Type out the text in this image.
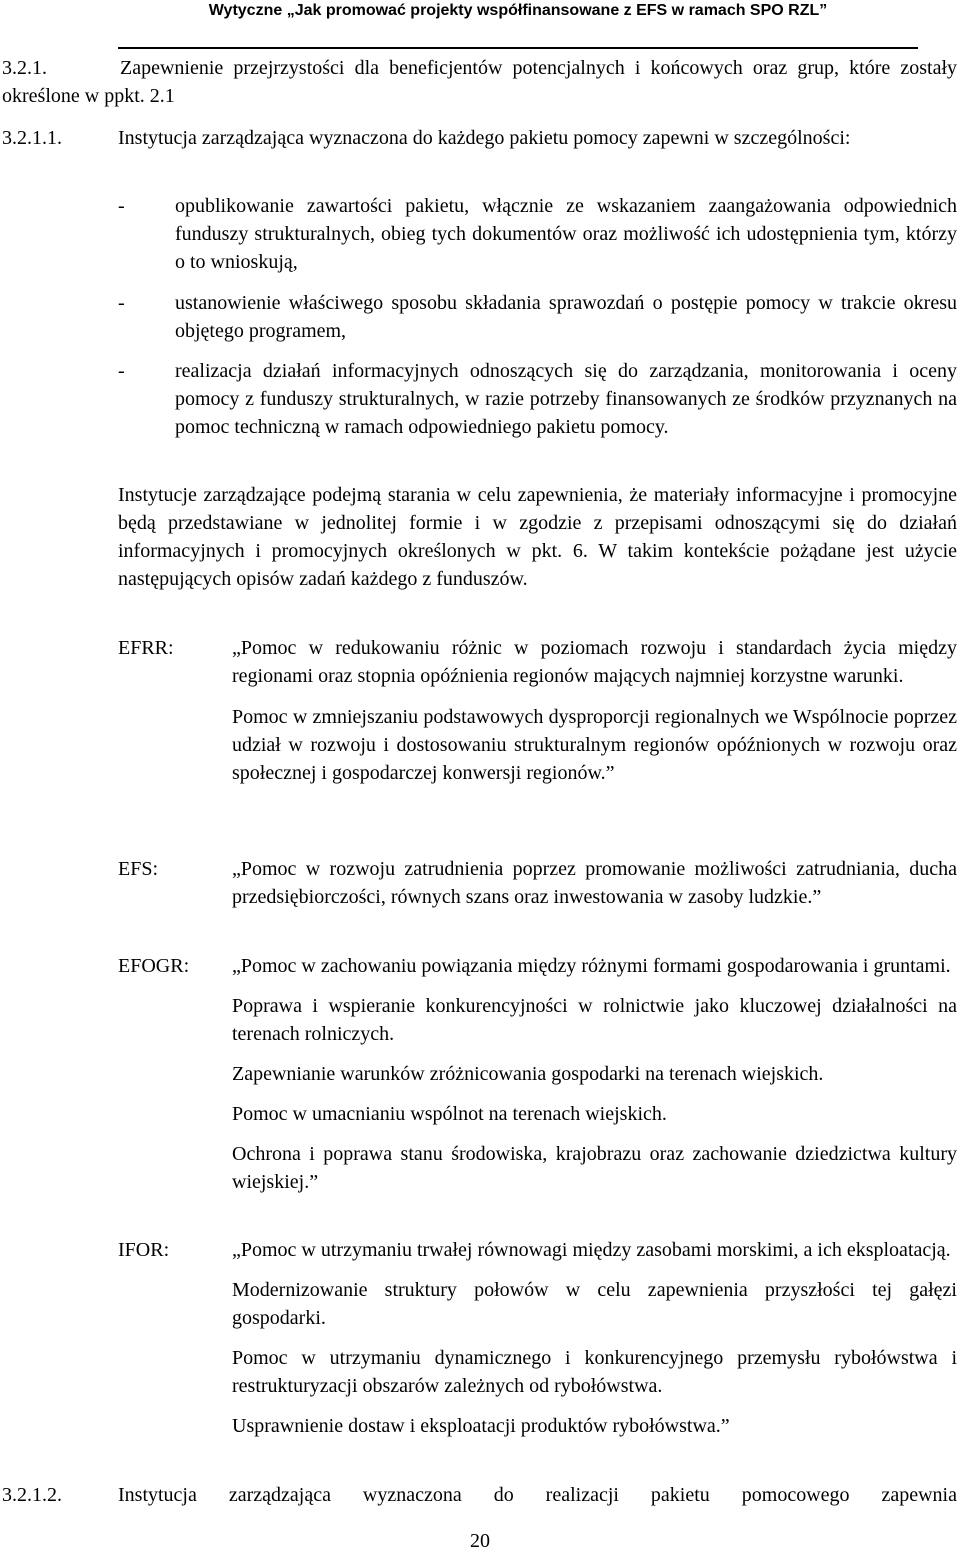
Wytyczne „Jak promować projekty współfinansowane z EFS w ramach SPO RZL”
3.2.1.	Zapewnienie przejrzystości dla beneficjentów potencjalnych i końcowych oraz grup, które zostały określone w ppkt. 2.1
3.2.1.1.	Instytucja zarządzająca wyznaczona do każdego pakietu pomocy zapewni w szczególności:
-	opublikowanie zawartości pakietu, włącznie ze wskazaniem zaangażowania odpowiednich funduszy strukturalnych, obieg tych dokumentów oraz możliwość ich udostępnienia tym, którzy o to wnioskują,
-	ustanowienie właściwego sposobu składania sprawozdań o postępie pomocy w trakcie okresu objętego programem,
-	realizacja działań informacyjnych odnoszących się do zarządzania, monitorowania i oceny pomocy z funduszy strukturalnych, w razie potrzeby finansowanych ze środków przyznanych na pomoc techniczną w ramach odpowiedniego pakietu pomocy.
Instytucje zarządzające podejmą starania w celu zapewnienia, że materiały informacyjne i promocyjne będą przedstawiane w jednolitej formie i w zgodzie z przepisami odnoszącymi się do działań informacyjnych i promocyjnych określonych w pkt. 6. W takim kontekście pożądane jest użycie następujących opisów zadań każdego z funduszów.
EFRR:	„Pomoc w redukowaniu różnic w poziomach rozwoju i standardach życia między regionami oraz stopnia opóźnienia regionów mających najmniej korzystne warunki.

Pomoc w zmniejszaniu podstawowych dysproporcji regionalnych we Wspólnocie poprzez udział w rozwoju i dostosowaniu strukturalnym regionów opóźnionych w rozwoju oraz społecznej i gospodarczej konwersji regionów.”

EFS:	„Pomoc w rozwoju zatrudnienia poprzez promowanie możliwości zatrudniania, ducha przedsiębiorczości, równych szans oraz inwestowania w zasoby ludzkie.”

EFOGR: „Pomoc w zachowaniu powiązania między różnymi formami gospodarowania i gruntami.

Poprawa i wspieranie konkurencyjności w rolnictwie jako kluczowej działalności na terenach rolniczych.

Zapewnianie warunków zróżnicowania gospodarki na terenach wiejskich.

Pomoc w umacnianiu wspólnot na terenach wiejskich.

Ochrona i poprawa stanu środowiska, krajobrazu oraz zachowanie dziedzictwa kultury wiejskiej.”

IFOR:	„Pomoc w utrzymaniu trwałej równowagi między zasobami morskimi, a ich eksploatacją.

Modernizowanie struktury połowów w celu zapewnienia przyszłości tej gałęzi gospodarki.

Pomoc w utrzymaniu dynamicznego i konkurencyjnego przemysłu rybołówstwa i restrukturyzacji obszarów zależnych od rybołówstwa.

Usprawnienie dostaw i eksploatacji produktów rybołówstwa.”

3.2.1.2.	Instytucja zarządzająca wyznaczona do realizacji pakietu pomocowego zapewnia
20
